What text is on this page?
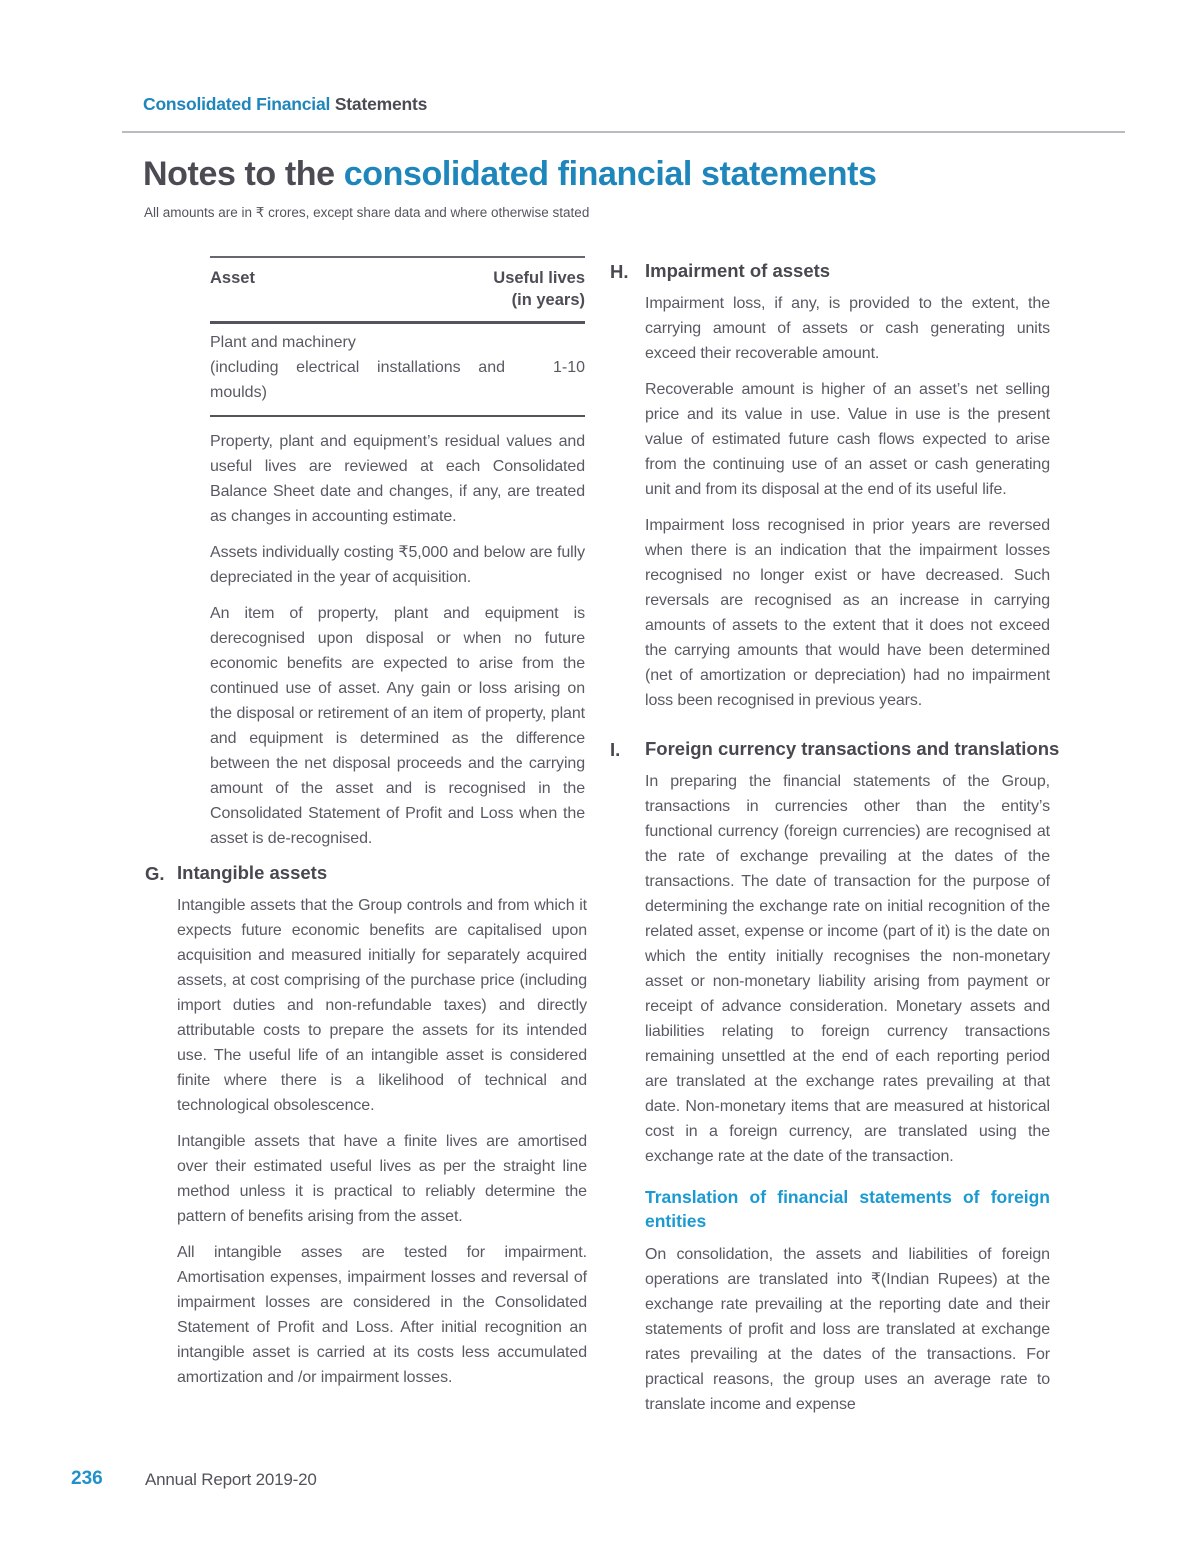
Consolidated Financial Statements
Notes to the consolidated financial statements
All amounts are in ₹ crores, except share data and where otherwise stated
Asset	Useful lives
(in years)
Plant and machinery
(including electrical installations and moulds)
1-10

Property, plant and equipment’s residual values and useful lives are reviewed at each Consolidated Balance Sheet date and changes, if any, are treated as changes in accounting estimate.

Assets individually costing ₹5,000 and below are fully depreciated in the year of acquisition.

An item of property, plant and equipment is derecognised upon disposal or when no future economic benefits are expected to arise from the continued use of asset. Any gain or loss arising on the disposal or retirement of an item of property, plant and equipment is determined as the difference between the net disposal proceeds and the carrying amount of the asset and is recognised in the Consolidated Statement of Profit and Loss when the asset is de-recognised.

G. Intangible assets

Intangible assets that the Group controls and from which it expects future economic benefits are capitalised upon acquisition and measured initially for separately acquired assets, at cost comprising of the purchase price (including import duties and non-refundable taxes) and directly attributable costs to prepare the assets for its intended use. The useful life of an intangible asset is considered finite where there is a likelihood of technical and technological obsolescence.

Intangible assets that have a finite lives are amortised over their estimated useful lives as per the straight line method unless it is practical to reliably determine the pattern of benefits arising from the asset.

All intangible asses are tested for impairment. Amortisation expenses, impairment losses and reversal of impairment losses are considered in the Consolidated Statement of Profit and Loss. After initial recognition an intangible asset is carried at its costs less accumulated amortization and /or impairment losses.

H. Impairment of assets

Impairment loss, if any, is provided to the extent, the carrying amount of assets or cash generating units exceed their recoverable amount.

Recoverable amount is higher of an asset’s net selling price and its value in use. Value in use is the present value of estimated future cash flows expected to arise from the continuing use of an asset or cash generating unit and from its disposal at the end of its useful life.

Impairment loss recognised in prior years are reversed when there is an indication that the impairment losses recognised no longer exist or have decreased. Such reversals are recognised as an increase in carrying amounts of assets to the extent that it does not exceed the carrying amounts that would have been determined (net of amortization or depreciation) had no impairment loss been recognised in previous years.

I.	Foreign currency transactions and translations

In preparing the financial statements of the Group, transactions in currencies other than the entity’s functional currency (foreign currencies) are recognised at the rate of exchange prevailing at the dates of the transactions. The date of transaction for the purpose of determining the exchange rate on initial recognition of the related asset, expense or income (part of it) is the date on which the entity initially recognises the non-monetary asset or non-monetary liability arising from payment or receipt of advance consideration. Monetary assets and liabilities relating to foreign currency transactions remaining unsettled at the end of each reporting period are translated at the exchange rates prevailing at that date. Non-monetary items that are measured at historical cost in a foreign currency, are translated using the exchange rate at the date of the transaction.

Translation of financial statements of foreign entities

On consolidation, the assets and liabilities of foreign operations are translated into ₹(Indian Rupees) at the exchange rate prevailing at the reporting date and their statements of profit and loss are translated at exchange rates prevailing at the dates of the transactions. For practical reasons, the group uses an average rate to translate income and expense

236 Annual Report 2019-20
